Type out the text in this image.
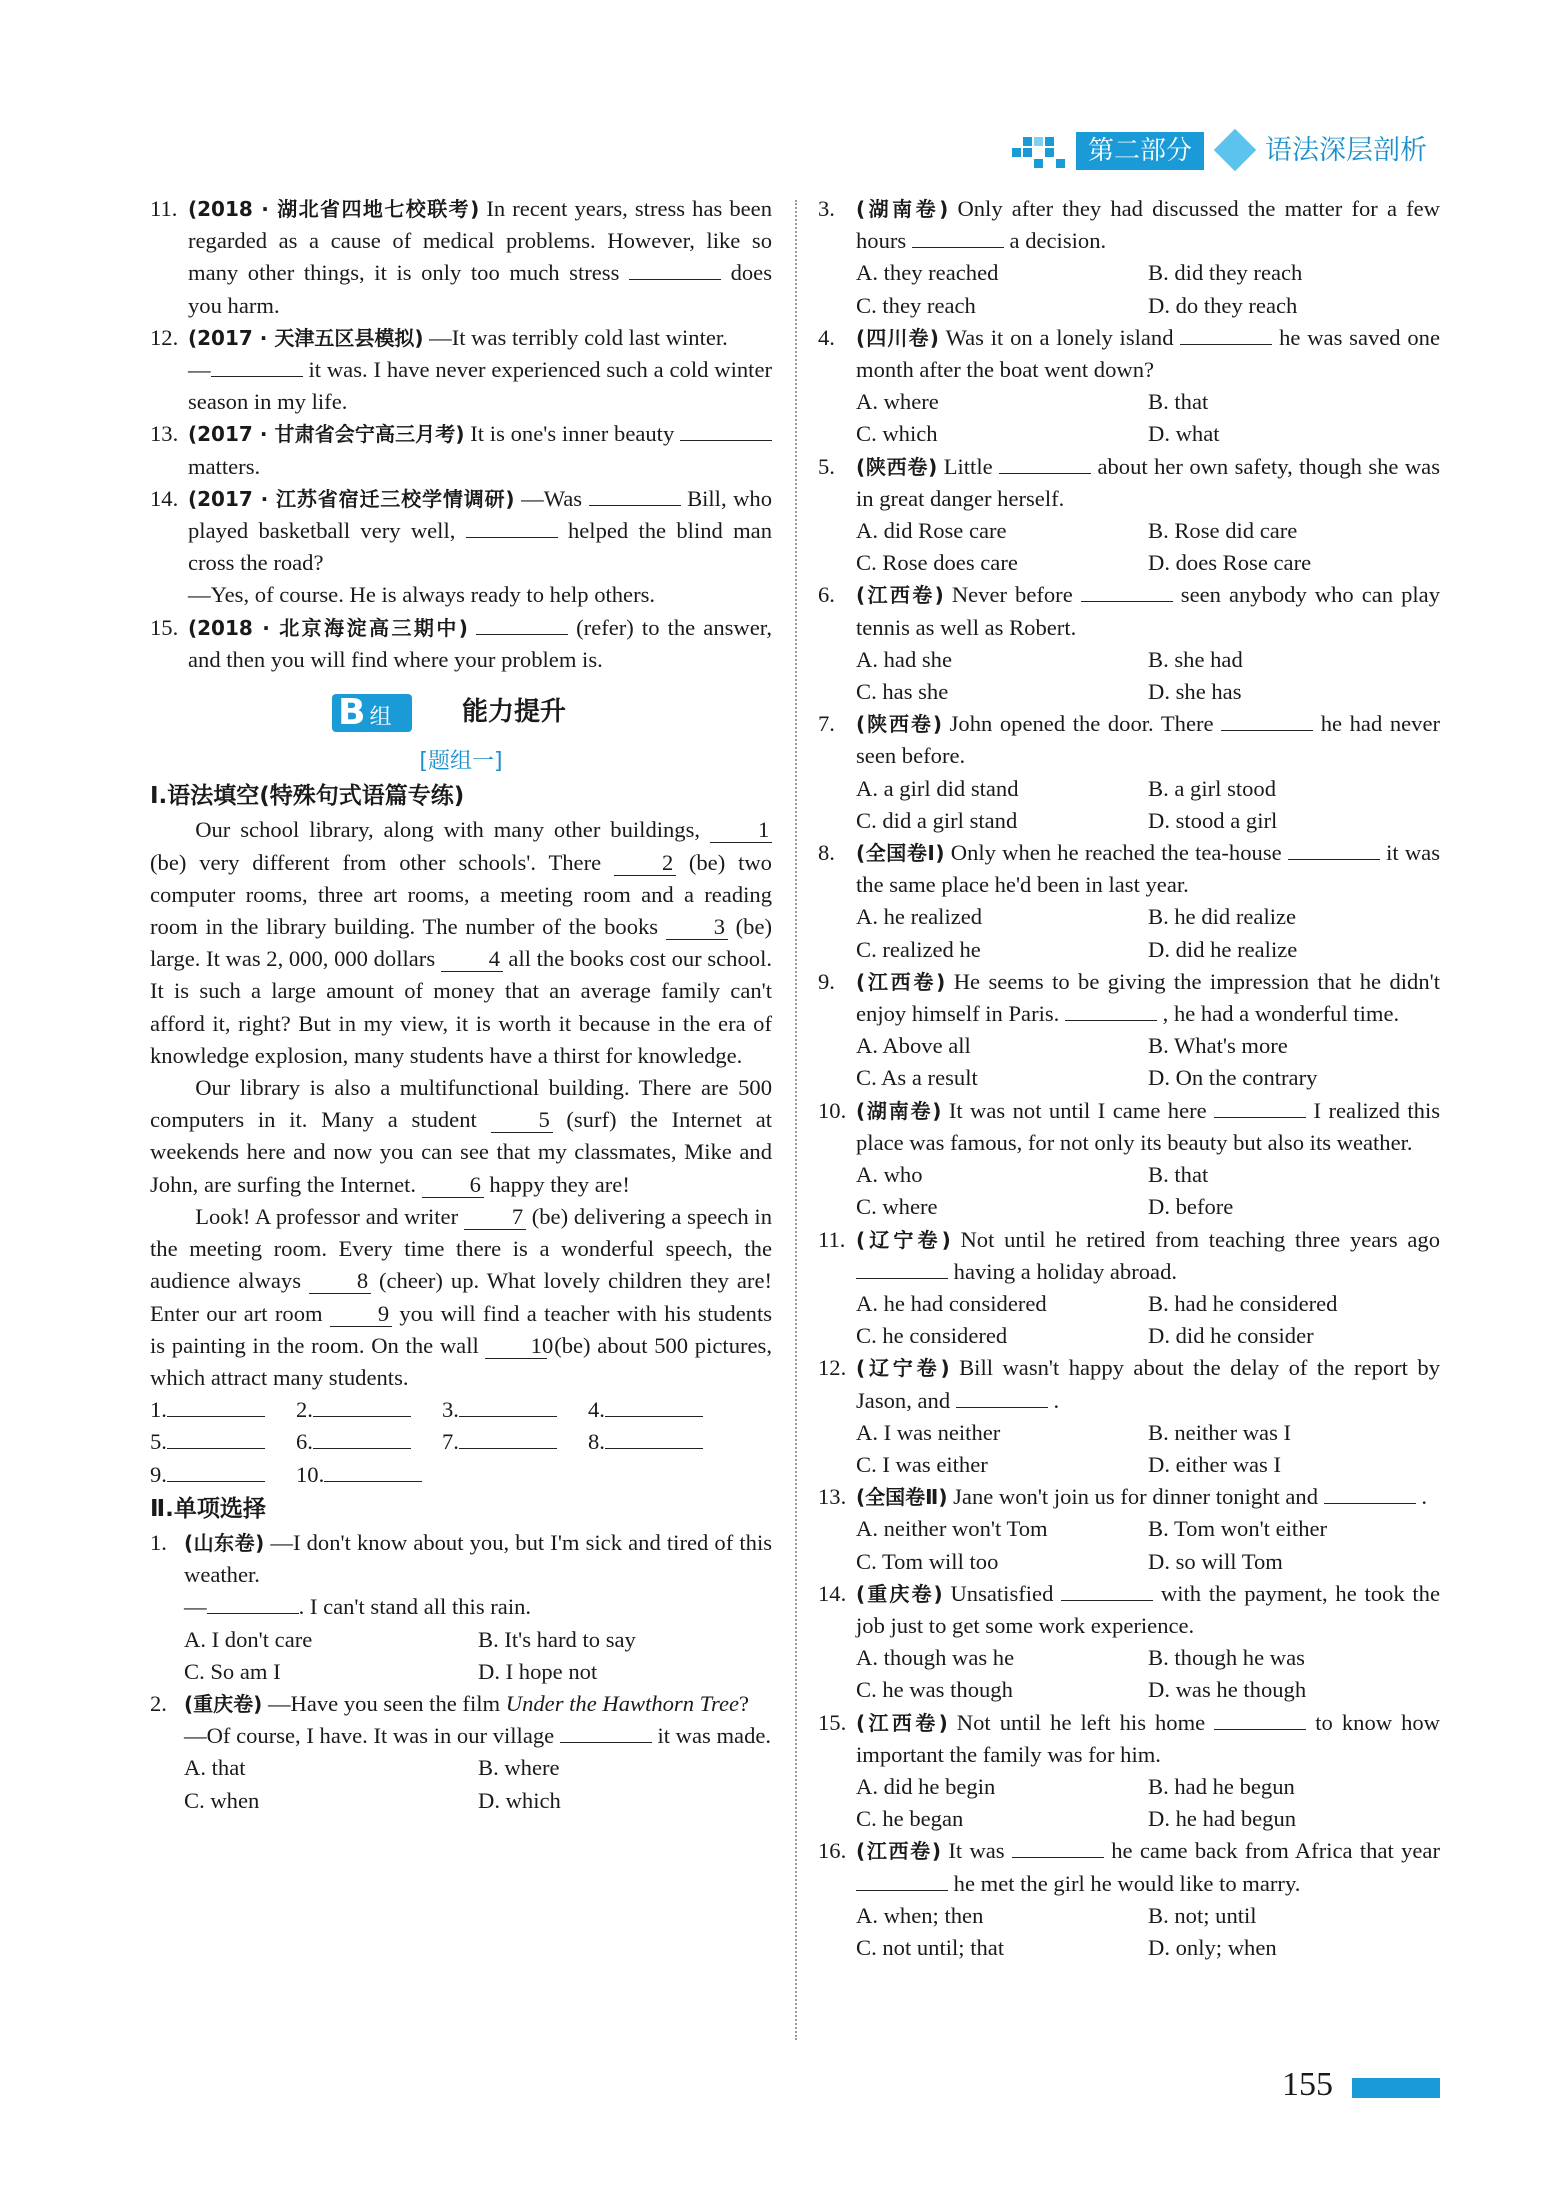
第二部分	语法深层剖析
11. (2018 · 湖北省四地七校联考) In recent years, stress has been regarded as a cause of medical problems. However, like so many other things, it is only too much stress	does you harm.
12. (2017 · 天津五区县模拟) —It was terribly cold last winter.
—	it was. I have never experienced such a cold winter season in my life.
13. (2017 · 甘肃省会宁高三月考) It is one's inner beauty  matters.
14. (2017 · 江苏省宿迁三校学情调研) —Was	Bill, who played basketball very well,	helped the blind man cross the road?
—Yes, of course. He is always ready to help others.
15. (2018 · 北京海淀高三期中)	(refer) to the answer, and then you will find where your problem is.
B组	能力提升
[题组一]
Ⅰ.语法填空(特殊句式语篇专练)
Our school library, along with many other buildings,	1 (be) very different from other schools'. There	2 (be) two computer rooms, three art rooms, a meeting room and a reading room in the library building. The number of the books 3 (be) large. It was 2, 000, 000 dollars 4 all the books cost our school. It is such a large amount of money that an average family can't afford it, right? But in my view, it is worth it because in the era of knowledge explosion, many students have a thirst for knowledge.
Our library is also a multifunctional building. There are 500 computers in it. Many a student	5 (surf) the Internet at weekends here and now you can see that my classmates, Mike and John, are surfing the Internet. 6 happy they are!
Look! A professor and writer 7 (be) delivering a speech in the meeting room. Every time there is a wonderful speech, the audience always 8 (cheer) up. What lovely children they are! Enter our art room 9 you will find a teacher with his students is painting in the room. On the wall 10 (be) about 500 pictures, which attract many students.
1.	2.	3.	4.
5.	6.	7.	8.
9.	10.
Ⅱ.单项选择
1. (山东卷) —I don't know about you, but I'm sick and tired of this weather.
—	. I can't stand all this rain.
A. I don't care	B. It's hard to say
C. So am I	D. I hope not
2. (重庆卷) —Have you seen the film Under the Hawthorn Tree?
—Of course, I have. It was in our village	it was made.
A. that	B. where
C. when	D. which
3. (湖南卷) Only after they had discussed the matter for a few hours	a decision.
A. they reached	B. did they reach
C. they reach	D. do they reach
4. (四川卷) Was it on a lonely island	he was saved one month after the boat went down?
A. where	B. that
C. which	D. what
5. (陕西卷) Little	about her own safety, though she was in great danger herself.
A. did Rose care	B. Rose did care
C. Rose does care	D. does Rose care
6. (江西卷) Never before	seen anybody who can play tennis as well as Robert.
A. had she	B. she had
C. has she	D. she has
7. (陕西卷) John opened the door. There	he had never seen before.
A. a girl did stand	B. a girl stood
C. did a girl stand	D. stood a girl
8. (全国卷Ⅰ) Only when he reached the tea-house	it was the same place he'd been in last year.
A. he realized	B. he did realize
C. realized he	D. did he realize
9. (江西卷) He seems to be giving the impression that he didn't enjoy himself in Paris.	, he had a wonderful time.
A. Above all	B. What's more
C. As a result	D. On the contrary
10. (湖南卷) It was not until I came here	I realized this place was famous, for not only its beauty but also its weather.
A. who	B. that
C. where	D. before
11. (辽宁卷) Not until he retired from teaching three years ago  having a holiday abroad.
A. he had considered	B. had he considered
C. he considered	D. did he consider
12. (辽宁卷) Bill wasn't happy about the delay of the report by Jason, and	.
A. I was neither	B. neither was I
C. I was either	D. either was I
13. (全国卷Ⅱ) Jane won't join us for dinner tonight and	.
A. neither won't Tom	B. Tom won't either
C. Tom will too	D. so will Tom
14. (重庆卷) Unsatisfied	with the payment, he took the job just to get some work experience.
A. though was he	B. though he was
C. he was though	D. was he though
15. (江西卷) Not until he left his home	to know how important the family was for him.
A. did he begin	B. had he begun
C. he began	D. he had begun
16. (江西卷) It was	he came back from Africa that year  he met the girl he would like to marry.
A. when; then	B. not; until
C. not until; that	D. only; when
155
